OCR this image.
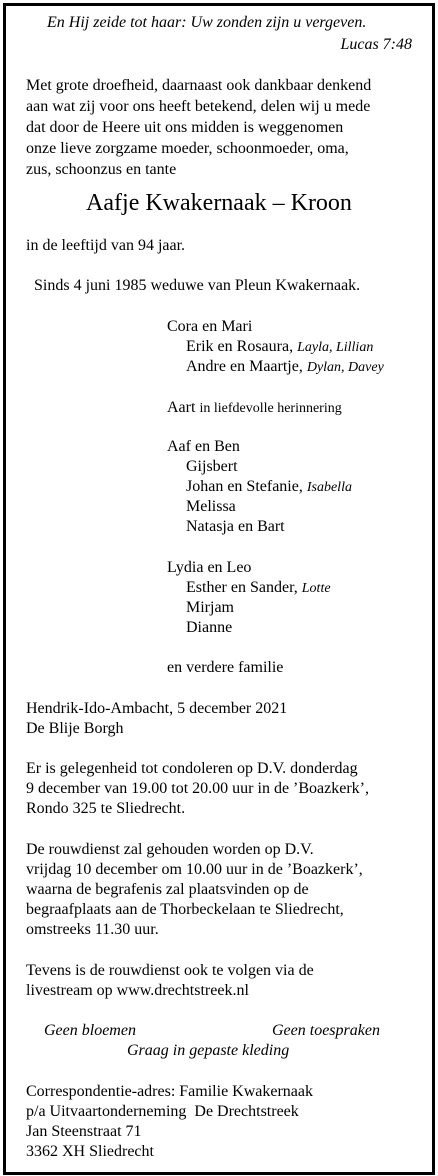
En Hij zeide tot haar: Uw zonden zijn u vergeven.
Lucas 7:48
Met grote droefheid, daarnaast ook dankbaar denkend
aan wat zij voor ons heeft betekend, delen wij u mede
dat door de Heere uit ons midden is weggenomen
onze lieve zorgzame moeder, schoonmoeder, oma,
zus, schoonzus en tante
Aafje Kwakernaak – Kroon
in de leeftijd van 94 jaar.
Sinds 4 juni 1985 weduwe van Pleun Kwakernaak.
Cora en Mari
Erik en Rosaura, Layla, Lillian
Andre en Maartje, Dylan, Davey
Aart in liefdevolle herinnering
Aaf en Ben
Gijsbert
Johan en Stefanie, Isabella
Melissa
Natasja en Bart
Lydia en Leo
Esther en Sander, Lotte
Mirjam
Dianne
en verdere familie
Hendrik-Ido-Ambacht, 5 december 2021
De Blije Borgh
Er is gelegenheid tot condoleren op D.V. donderdag
9 december van 19.00 tot 20.00 uur in de ’Boazkerk’,
Rondo 325 te Sliedrecht.
De rouwdienst zal gehouden worden op D.V.
vrijdag 10 december om 10.00 uur in de ’Boazkerk’,
waarna de begrafenis zal plaatsvinden op de
begraafplaats aan de Thorbeckelaan te Sliedrecht,
omstreeks 11.30 uur.
Tevens is de rouwdienst ook te volgen via de
livestream op www.drechtstreek.nl
Geen bloemen	Geen toespraken
Graag in gepaste kleding
Correspondentie-adres: Familie Kwakernaak
p/a Uitvaartonderneming  De Drechtstreek
Jan Steenstraat 71
3362 XH Sliedrecht
